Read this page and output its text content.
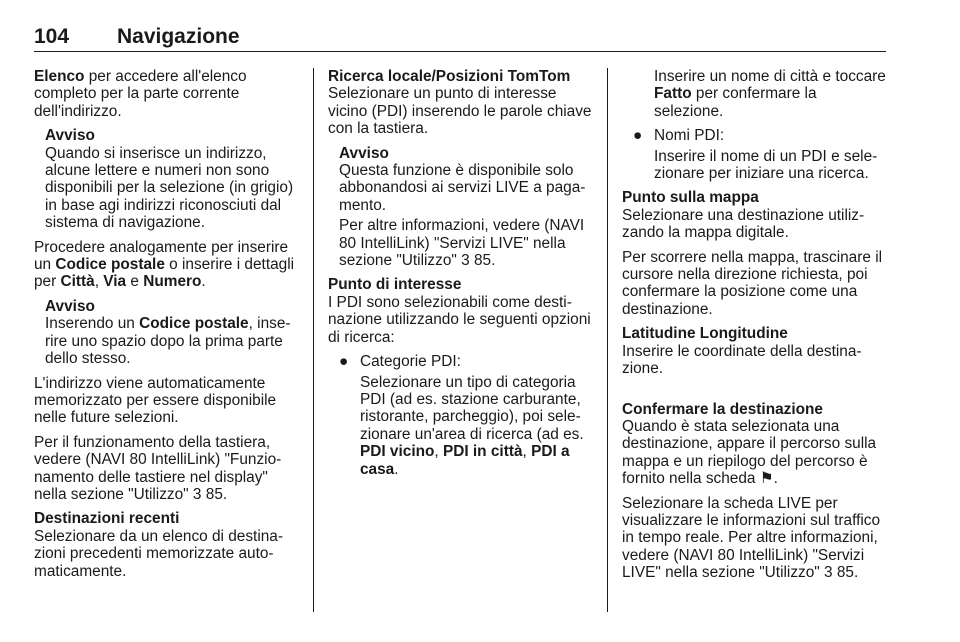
104 Navigazione

Elenco per accedere all'elenco completo per la parte corrente dell'indirizzo.

Avviso

Quando si inserisce un indirizzo, alcune lettere e numeri non sono disponibili per la selezione (in grigio) in base agi indirizzi riconosciuti dal sistema di navigazione.

Procedere analogamente per inserire un Codice postale o inserire i dettagli per Città, Via e Numero.

Avviso

Inserendo un Codice postale, inserire uno spazio dopo la prima parte dello stesso.

L'indirizzo viene automaticamente memorizzato per essere disponibile nelle future selezioni.

Per il funzionamento della tastiera, vedere (NAVI 80 IntelliLink) "Funzionamento delle tastiere nel display" nella sezione "Utilizzo" 3 85.

Destinazioni recenti

Selezionare da un elenco di destinazioni precedenti memorizzate automaticamente.

Ricerca locale/Posizioni TomTom

Selezionare un punto di interesse vicino (PDI) inserendo le parole chiave con la tastiera.

Avviso

Questa funzione è disponibile solo abbonandosi ai servizi LIVE a pagamento.

Per altre informazioni, vedere (NAVI 80 IntelliLink) "Servizi LIVE" nella sezione "Utilizzo" 3 85.

Punto di interesse

I PDI sono selezionabili come destinazione utilizzando le seguenti opzioni di ricerca:

● Categorie PDI:

Selezionare un tipo di categoria PDI (ad es. stazione carburante, ristorante, parcheggio), poi selezionare un'area di ricerca (ad es. PDI vicino, PDI in città, PDI a casa.

Inserire un nome di città e toccare Fatto per confermare la selezione.

● Nomi PDI:

Inserire il nome di un PDI e selezionare per iniziare una ricerca.

Punto sulla mappa

Selezionare una destinazione utilizzando la mappa digitale.

Per scorrere nella mappa, trascinare il cursore nella direzione richiesta, poi confermare la posizione come una destinazione.

Latitudine Longitudine

Inserire le coordinate della destinazione.

Confermare la destinazione

Quando è stata selezionata una destinazione, appare il percorso sulla mappa e un riepilogo del percorso è fornito nella scheda ⚑.

Selezionare la scheda LIVE per visualizzare le informazioni sul traffico in tempo reale. Per altre informazioni, vedere (NAVI 80 IntelliLink) "Servizi LIVE" nella sezione "Utilizzo" 3 85.
